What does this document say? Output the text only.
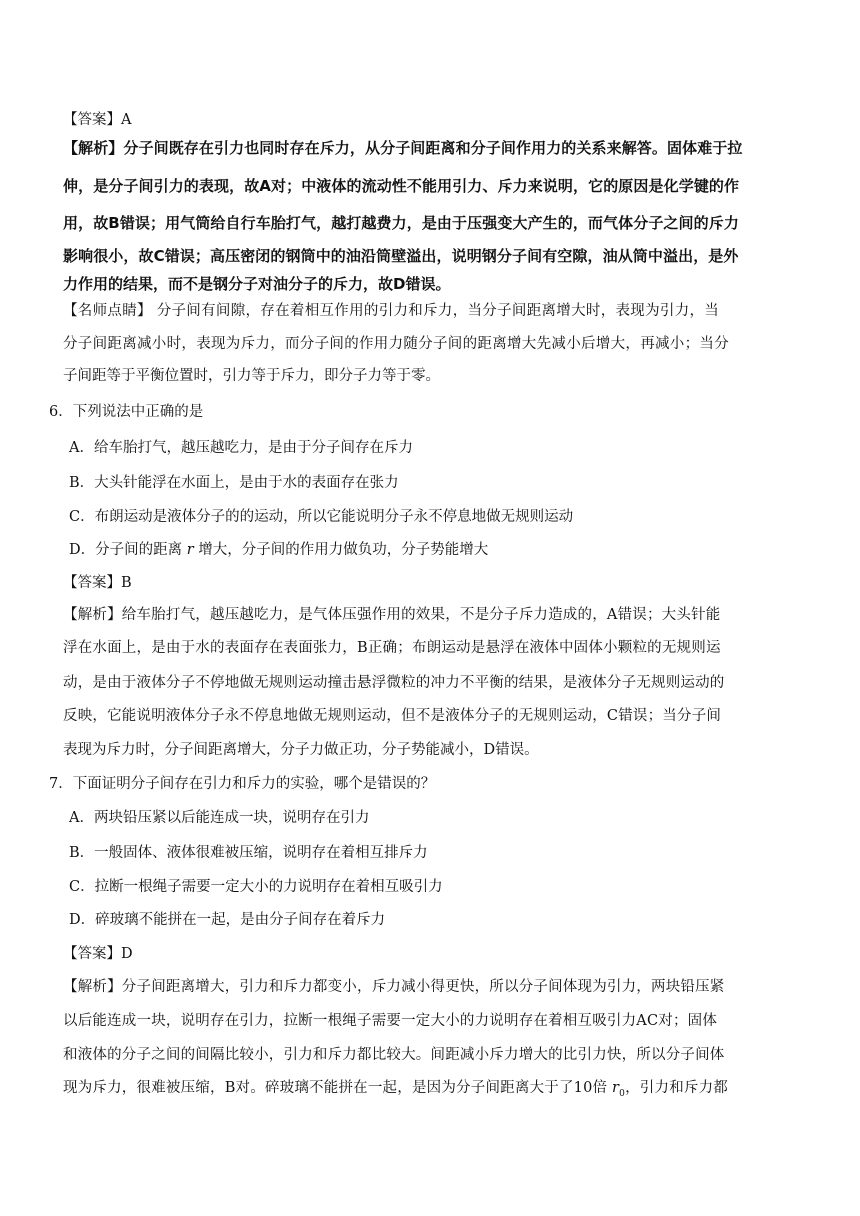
【答案】A
【解析】分子间既存在引力也同时存在斥力，从分子间距离和分子间作用力的关系来解答。固体难于拉
伸，是分子间引力的表现，故A对；中液体的流动性不能用引力、斥力来说明，它的原因是化学键的作
用，故B错误；用气筒给自行车胎打气，越打越费力，是由于压强变大产生的，而气体分子之间的斥力
影响很小，故C错误；高压密闭的钢筒中的油沿筒壁溢出，说明钢分子间有空隙，油从筒中溢出，是外
力作用的结果，而不是钢分子对油分子的斥力，故D错误。
【名师点睛】 分子间有间隙，存在着相互作用的引力和斥力，当分子间距离增大时，表现为引力，当
分子间距离减小时，表现为斥力，而分子间的作用力随分子间的距离增大先减小后增大，再减小；当分
子间距等于平衡位置时，引力等于斥力，即分子力等于零。
6．下列说法中正确的是
A．给车胎打气，越压越吃力，是由于分子间存在斥力
B．大头针能浮在水面上，是由于水的表面存在张力
C．布朗运动是液体分子的的运动，所以它能说明分子永不停息地做无规则运动
D．分子间的距离 r 增大，分子间的作用力做负功，分子势能增大
【答案】B
【解析】给车胎打气，越压越吃力，是气体压强作用的效果，不是分子斥力造成的，A错误；大头针能
浮在水面上，是由于水的表面存在表面张力，B正确；布朗运动是悬浮在液体中固体小颗粒的无规则运
动，是由于液体分子不停地做无规则运动撞击悬浮微粒的冲力不平衡的结果，是液体分子无规则运动的
反映，它能说明液体分子永不停息地做无规则运动，但不是液体分子的无规则运动，C错误；当分子间
表现为斥力时，分子间距离增大，分子力做正功，分子势能减小，D错误。
7．下面证明分子间存在引力和斥力的实验，哪个是错误的？
A．两块铅压紧以后能连成一块，说明存在引力
B．一般固体、液体很难被压缩，说明存在着相互排斥力
C．拉断一根绳子需要一定大小的力说明存在着相互吸引力
D．碎玻璃不能拼在一起，是由分子间存在着斥力
【答案】D
【解析】分子间距离增大，引力和斥力都变小，斥力减小得更快，所以分子间体现为引力，两块铅压紧
以后能连成一块，说明存在引力，拉断一根绳子需要一定大小的力说明存在着相互吸引力AC对；固体
和液体的分子之间的间隔比较小，引力和斥力都比较大。间距减小斥力增大的比引力快，所以分子间体
现为斥力，很难被压缩，B对。碎玻璃不能拼在一起，是因为分子间距离大于了10倍 $r_0$，引力和斥力都
